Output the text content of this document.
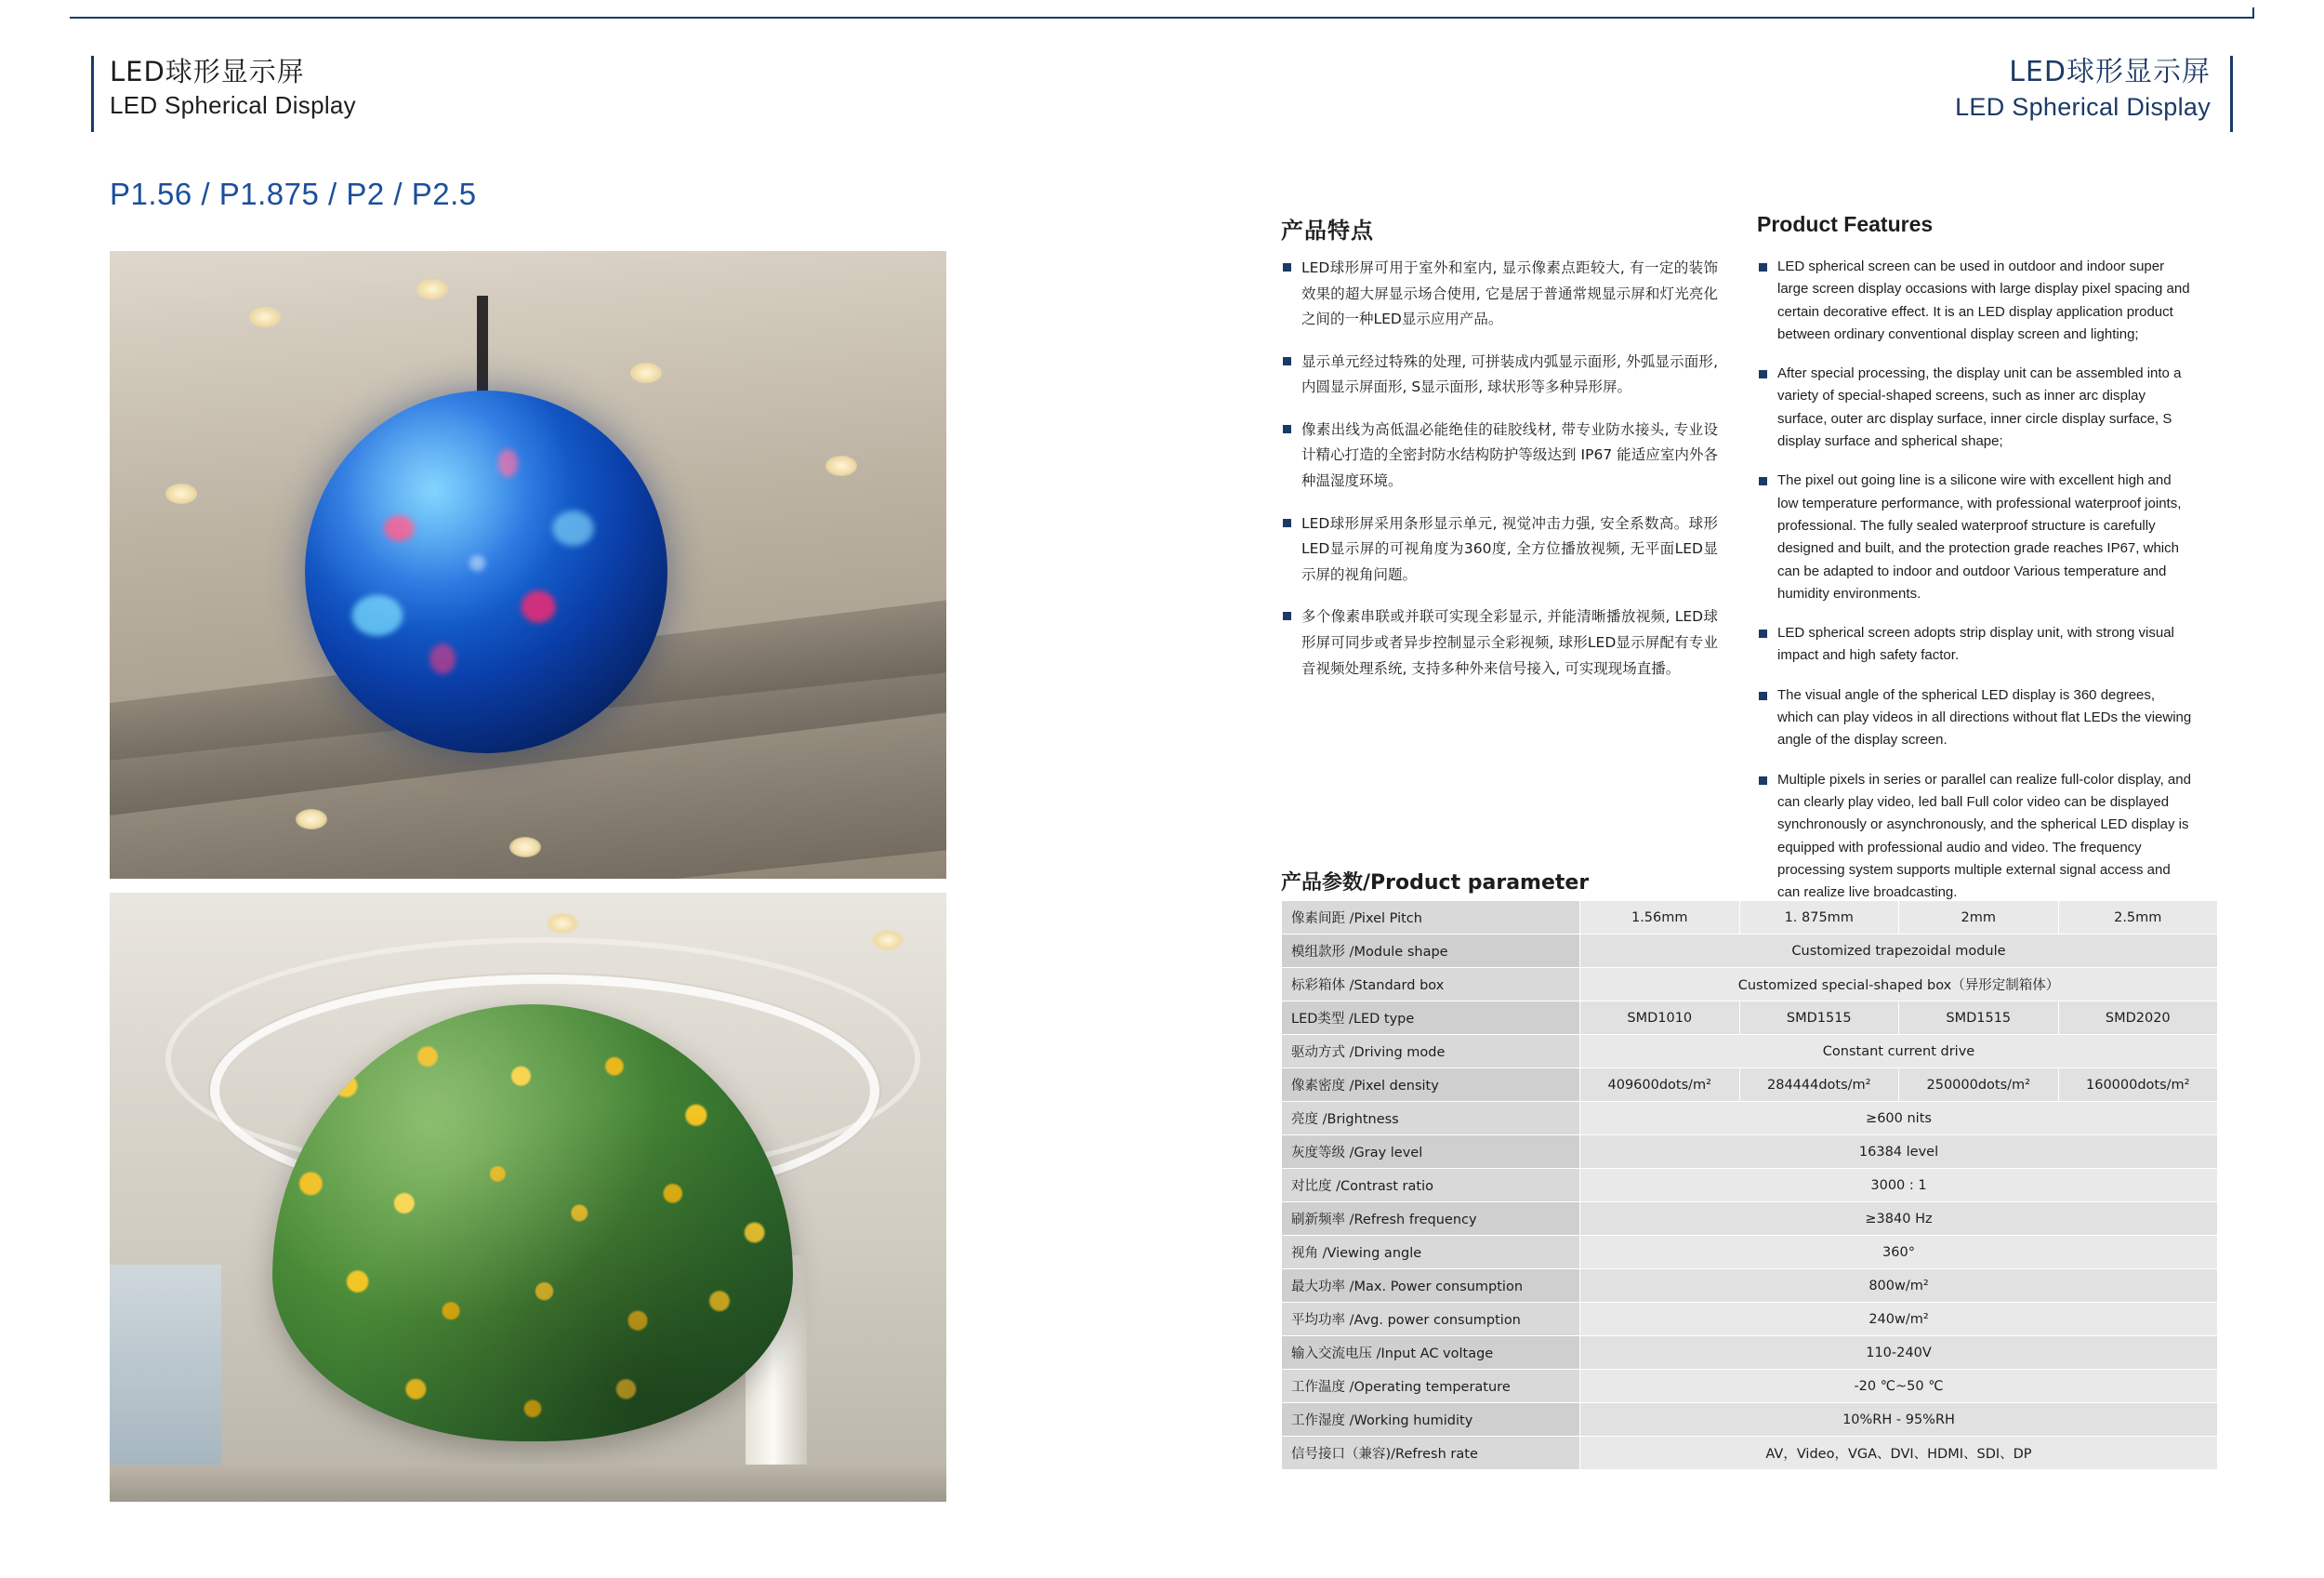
LED球形显示屏
LED Spherical Display
LED球形显示屏
LED Spherical Display
P1.56 / P1.875 / P2 / P2.5
产品特点	Product Features
LED球形屏可用于室外和室内, 显示像素点距较大, 有一定的装饰效果的超大屏显示场合使用, 它是居于普通常规显示屏和灯光亮化之间的一种LED显示应用产品。
显示单元经过特殊的处理, 可拼装成内弧显示面形, 外弧显示面形, 内圆显示屏面形, S显示面形, 球状形等多种异形屏。
像素出线为高低温必能绝佳的硅胶线材, 带专业防水接头, 专业设计精心打造的全密封防水结构防护等级达到 IP67 能适应室内外各种温湿度环境。
LED球形屏采用条形显示单元, 视觉冲击力强, 安全系数高。球形LED显示屏的可视角度为360度, 全方位播放视频, 无平面LED显示屏的视角问题。
多个像素串联或并联可实现全彩显示, 并能清晰播放视频, LED球形屏可同步或者异步控制显示全彩视频, 球形LED显示屏配有专业音视频处理系统, 支持多种外来信号接入, 可实现现场直播。
LED spherical screen can be used in outdoor and indoor super large screen display occasions with large display pixel spacing and certain decorative effect. It is an LED display application product between ordinary conventional display screen and lighting;
After special processing, the display unit can be assembled into a variety of special-shaped screens, such as inner arc display surface, outer arc display surface, inner circle display surface, S display surface and spherical shape;
The pixel out going line is a silicone wire with excellent high and low temperature performance, with professional waterproof joints, professional. The fully sealed waterproof structure is carefully designed and built, and the protection grade reaches IP67, which can be adapted to indoor and outdoor Various temperature and humidity environments.
LED spherical screen adopts strip display unit, with strong visual impact and high safety factor.
The visual angle of the spherical LED display is 360 degrees, which can play videos in all directions without flat LEDs the viewing angle of the display screen.
Multiple pixels in series or parallel can realize full-color display, and can clearly play video, led ball Full color video can be displayed synchronously or asynchronously, and the spherical LED display is equipped with professional audio and video. The frequency processing system supports multiple external signal access and can realize live broadcasting.
产品参数/Product parameter
像素间距 /Pixel Pitch	1.56mm	1. 875mm	2mm	2.5mm
模组款形 /Module shape	Customized trapezoidal module			
标彩箱体 /Standard box	Customized special-shaped box（异形定制箱体）			
LED类型 /LED type	SMD1010	SMD1515	SMD1515	SMD2020
驱动方式 /Driving mode	Constant current drive			
像素密度 /Pixel density	409600dots/m²	284444dots/m²	250000dots/m²	160000dots/m²
亮度 /Brightness	≥600 nits			
灰度等级 /Gray level	16384 level			
对比度 /Contrast ratio	3000 : 1			
刷新频率 /Refresh frequency	≥3840 Hz			
视角 /Viewing angle	360°			
最大功率 /Max. Power consumption	800w/m²			
平均功率 /Avg. power consumption	240w/m²			
输入交流电压 /Input AC voltage	110-240V			
工作温度 /Operating temperature	-20 ℃~50 ℃			
工作湿度 /Working humidity	10%RH - 95%RH			
信号接口（兼容)/Refresh rate	AV，Video，VGA、DVI、HDMI、SDI、DP			
